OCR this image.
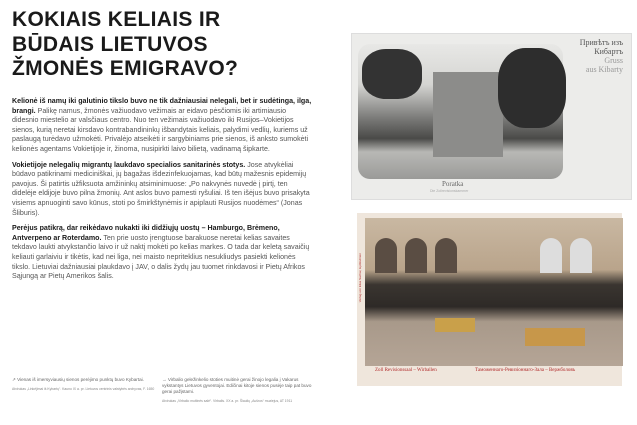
KOKIAIS KELIAIS IR
BŪDAIS LIETUVOS
ŽMONĖS EMIGRAVO?

Kelionė iš namų iki galutinio tikslo buvo ne tik dažniausiai nelegali, bet ir sudėtinga, ilga, brangi. Palikę namus, žmonės važiuodavo vežimais ar eidavo pėsčiomis iki artimiausio didesnio miestelio ar valsčiaus centro. Nuo ten vežimais važiuodavo iki Rusijos–Vokietijos sienos, kurią neretai kirsdavo kontrabandininkų išbandytais keliais, palydimi vedlių, kuriems už paslaugą turėdavo užmokėti. Privalėjo atseikėti ir sargybiniams prie sienos, iš anksto sumokėti kelionės agentams Vokietijoje ir, žinoma, nusipirkti laivo bilietą, vadinamą šipkarte.

Vokietijoje nelegalių migrantų laukdavo specialios sanitarinės stotys. Jose atvykėliai būdavo patikrinami mediciniškai, jų bagažas išdezinfekuojamas, kad būtų mažesnis epidemijų pavojus. Ši patirtis užfiksuota amžininkų atsiminimuose: „Po nakvynės nuvedė į pirtį, ten didelėje eldijoje buvo pilna žmonių. Ant aslos buvo pamesti ryšuliai. Iš ten išėjus buvo prisakyta visiems apnuoginti savo kūnus, stoti po šmirkštynėmis ir apiplauti Rusijos nuodėmes“ (Jonas Šliburis).

Perėjus patikrą, dar reikėdavo nukakti iki didžiųjų uostų – Hamburgo, Brėmeno, Antverpeno ar Roterdamo. Ten prie uosto įrengtuose barakuose neretai kelias savaites tekdavo laukti atvykstančio laivo ir už naktį mokėti po kelias markes. O tada dar keletą savaičių keliauti garlaiviu ir tikėtis, kad nei liga, nei maisto nepriteklius nesukliudys pasiekti kelionės tikslo. Lietuviai dažniausiai plaukdavo į JAV, o dalis žydų jau tuomet rinkdavosi ir Pietų Afrikos Sąjungą ar Pietų Amerikos šalis.

↗ Vienas iš imersyviausių sienos perėjimo punktų buvo Kybartai.
Atvirukas „Linkėjimai iš Kybartų“. Kauno IX a. pr. Lietuvos centrinis valstybės archyvas, F. 1650
→ Virbalio geležinkelio stoties muitinė gerai žinojo legalia į Vakarus vykstantys Lietuvos gyventojai. Edičinai kitoje sienos pusėje taip pat buvo gerai pažįstami.
Atvirukas „Virbalio muitinės salė“. Virbalis. XX a. pr. Šiaulių „Aušros“ muziejus, AT 1911
Привѣтъ изъ
Кибартъ
Gruss
aus Kibarty
Poratka
Die Zollrevisionskammer
Verlag von Elias Sachar, Eydtkuhnen
Zoll Revisionssaal – Wirballen	Таможеннаго-Ревизіоннаго-Зала – Вержболовъ
